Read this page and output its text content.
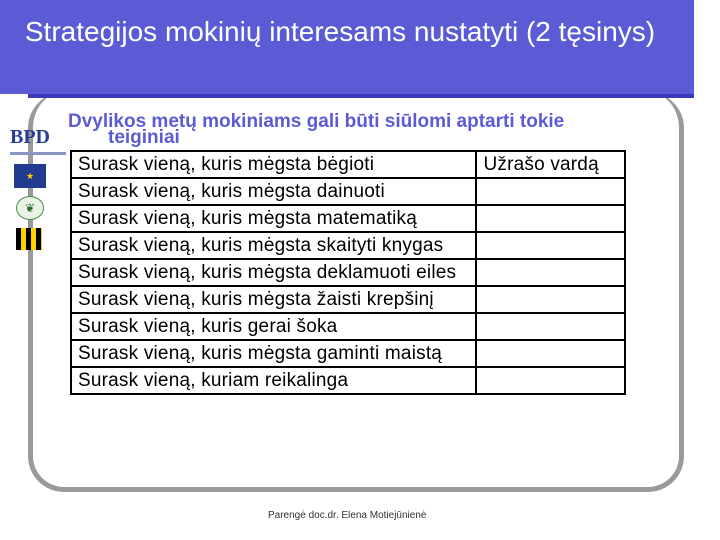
Strategijos mokinių interesams nustatyti (2 tęsinys)
BPD
★
❦
Dvylikos metų mokiniams gali būti siūlomi aptarti tokie
teiginiai
Surask vieną, kuris mėgsta bėgioti	Užrašo vardą
Surask vieną, kuris mėgsta dainuoti	
Surask vieną, kuris mėgsta matematiką	
Surask vieną, kuris mėgsta skaityti knygas	
Surask vieną, kuris mėgsta deklamuoti eiles	
Surask vieną, kuris mėgsta žaisti krepšinį	
Surask vieną, kuris gerai šoka	
Surask vieną, kuris mėgsta gaminti maistą	
Surask vieną, kuriam reikalinga	
Parengė doc.dr. Elena Motiejūnienė
